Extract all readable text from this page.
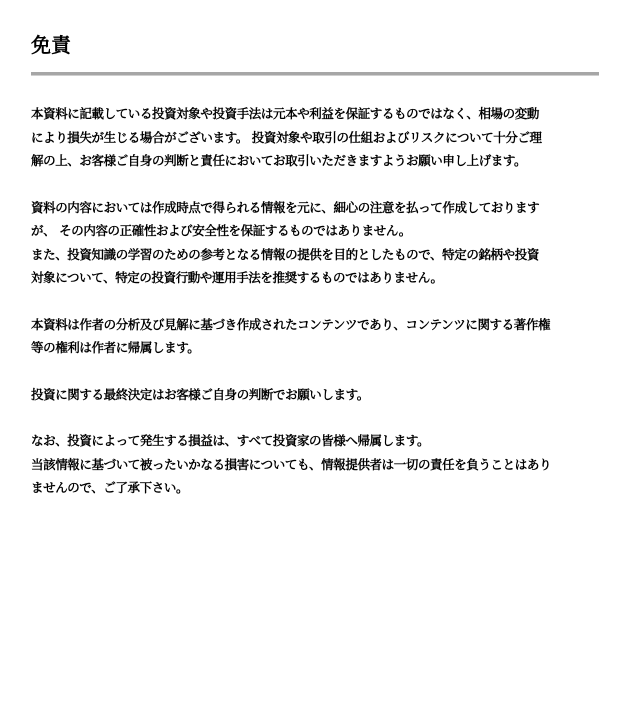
免責

本資料に記載している投資対象や投資手法は元本や利益を保証するものではなく、相場の変動
により損失が生じる場合がございます。 投資対象や取引の仕組およびリスクについて十分ご理
解の上、お客様ご自身の判断と責任においてお取引いただきますようお願い申し上げます。

資料の内容においては作成時点で得られる情報を元に、細心の注意を払って作成しております
が、 その内容の正確性および安全性を保証するものではありません。
また、投資知識の学習のための参考となる情報の提供を目的としたもので、特定の銘柄や投資
対象について、特定の投資行動や運用手法を推奨するものではありません。

本資料は作者の分析及び見解に基づき作成されたコンテンツであり、コンテンツに関する著作権
等の権利は作者に帰属します。

投資に関する最終決定はお客様ご自身の判断でお願いします。

なお、投資によって発生する損益は、すべて投資家の皆様へ帰属します。
当該情報に基づいて被ったいかなる損害についても、情報提供者は一切の責任を負うことはあり
ませんので、ご了承下さい。
